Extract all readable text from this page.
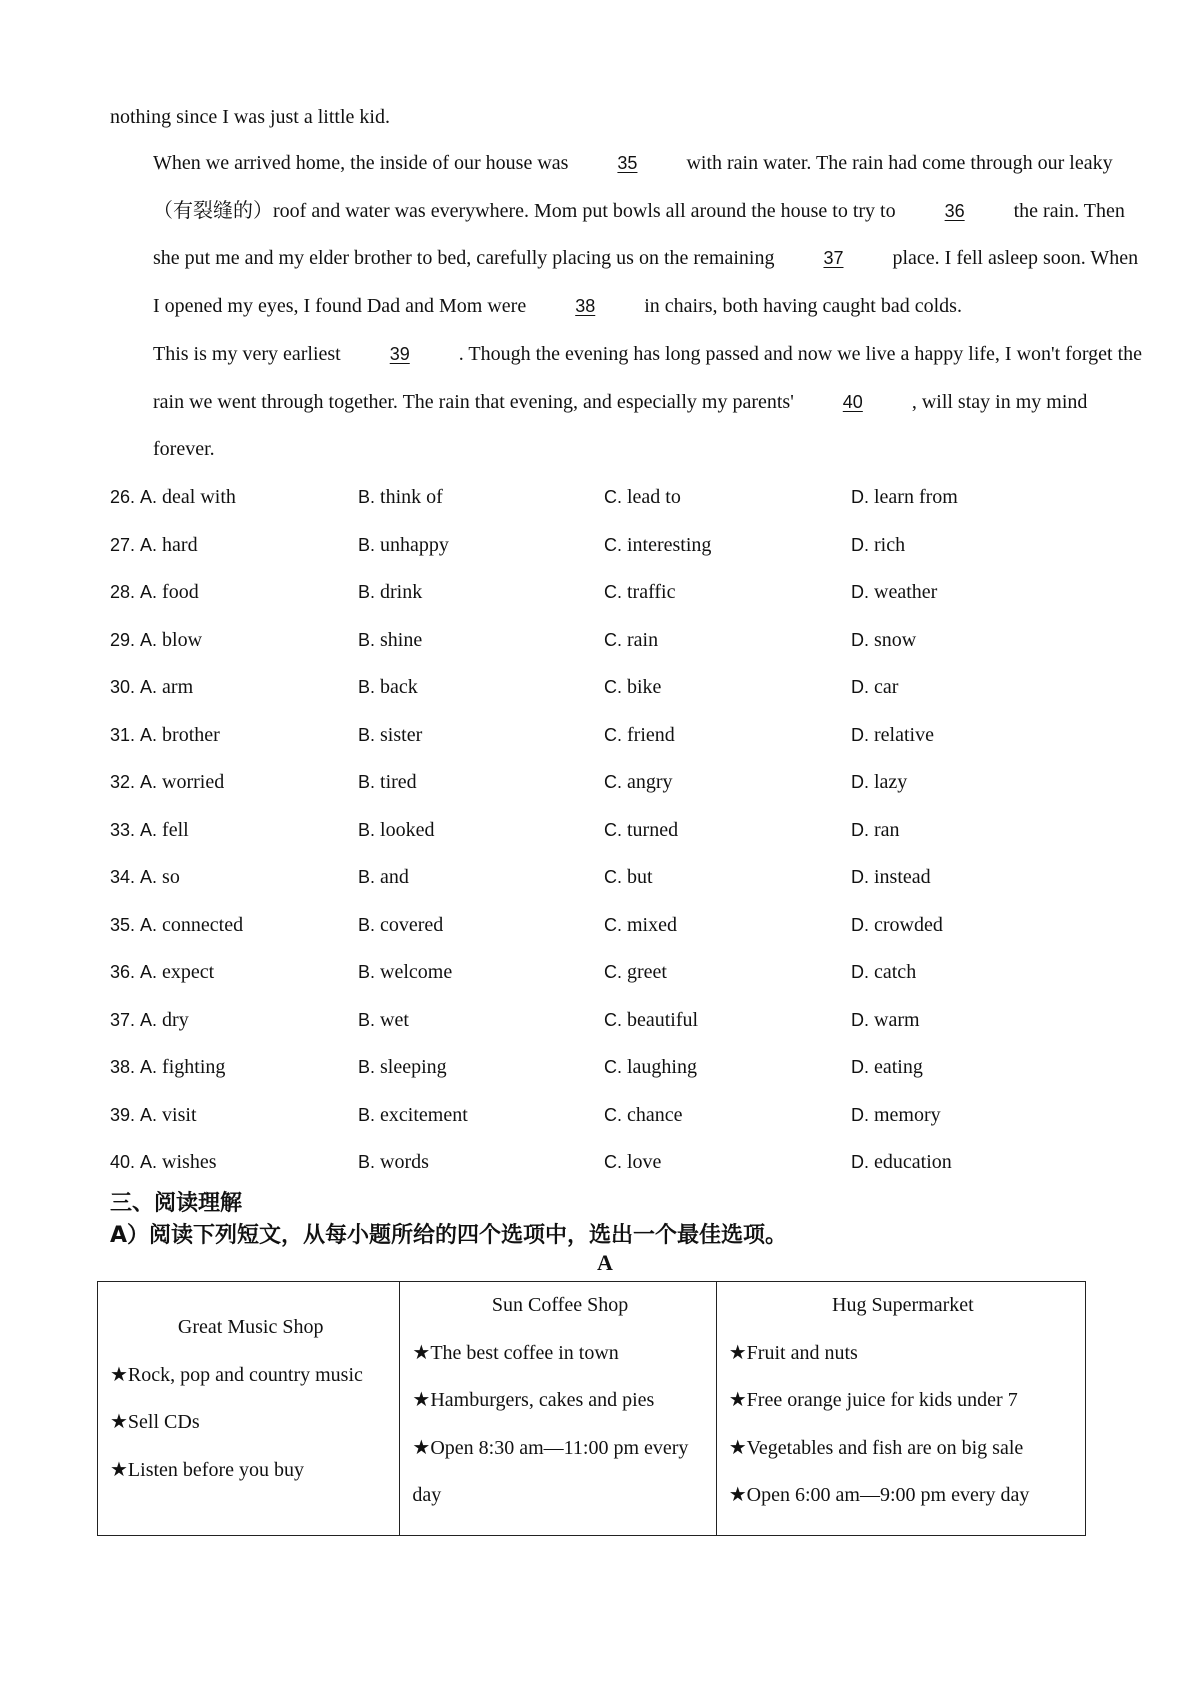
nothing since I was just a little kid.

When we arrived home, the inside of our house was	35 with rain water. The rain had come through our leaky（有裂缝的）roof and water was everywhere. Mom put bowls all around the house to try to	36 the rain. Then she put me and my elder brother to bed, carefully placing us on the remaining	37 place. I fell asleep soon. When I opened my eyes, I found Dad and Mom were	38 in chairs, both having caught bad colds.

This is my very earliest	39 . Though the evening has long passed and now we live a happy life, I won't forget the rain we went through together. The rain that evening, and especially my parents'	40 , will stay in my mind forever.

26. A. deal with	B. think of	C. lead to	D. learn from
27. A. hard	B. unhappy	C. interesting	D. rich
28. A. food	B. drink	C. traffic	D. weather
29. A. blow	B. shine	C. rain	D. snow
30. A. arm	B. back	C. bike	D. car
31. A. brother	B. sister	C. friend	D. relative
32. A. worried	B. tired	C. angry	D. lazy
33. A. fell	B. looked	C. turned	D. ran
34. A. so	B. and	C. but	D. instead
35. A. connected	B. covered	C. mixed	D. crowded
36. A. expect	B. welcome	C. greet	D. catch
37. A. dry	B. wet	C. beautiful	D. warm
38. A. fighting	B. sleeping	C. laughing	D. eating
39. A. visit	B. excitement	C. chance	D. memory
40. A. wishes	B. words	C. love	D. education

三、阅读理解

A）阅读下列短文，从每小题所给的四个选项中，选出一个最佳选项。

A

Great Music Shop

★Rock, pop and country music

★Sell CDs

★Listen before you buy

Sun Coffee Shop

★The best coffee in town

★Hamburgers, cakes and pies

★Open 8:30 am—11:00 pm every day

Hug Supermarket

★Fruit and nuts

★Free orange juice for kids under 7

★Vegetables and fish are on big sale

★Open 6:00 am—9:00 pm every day
